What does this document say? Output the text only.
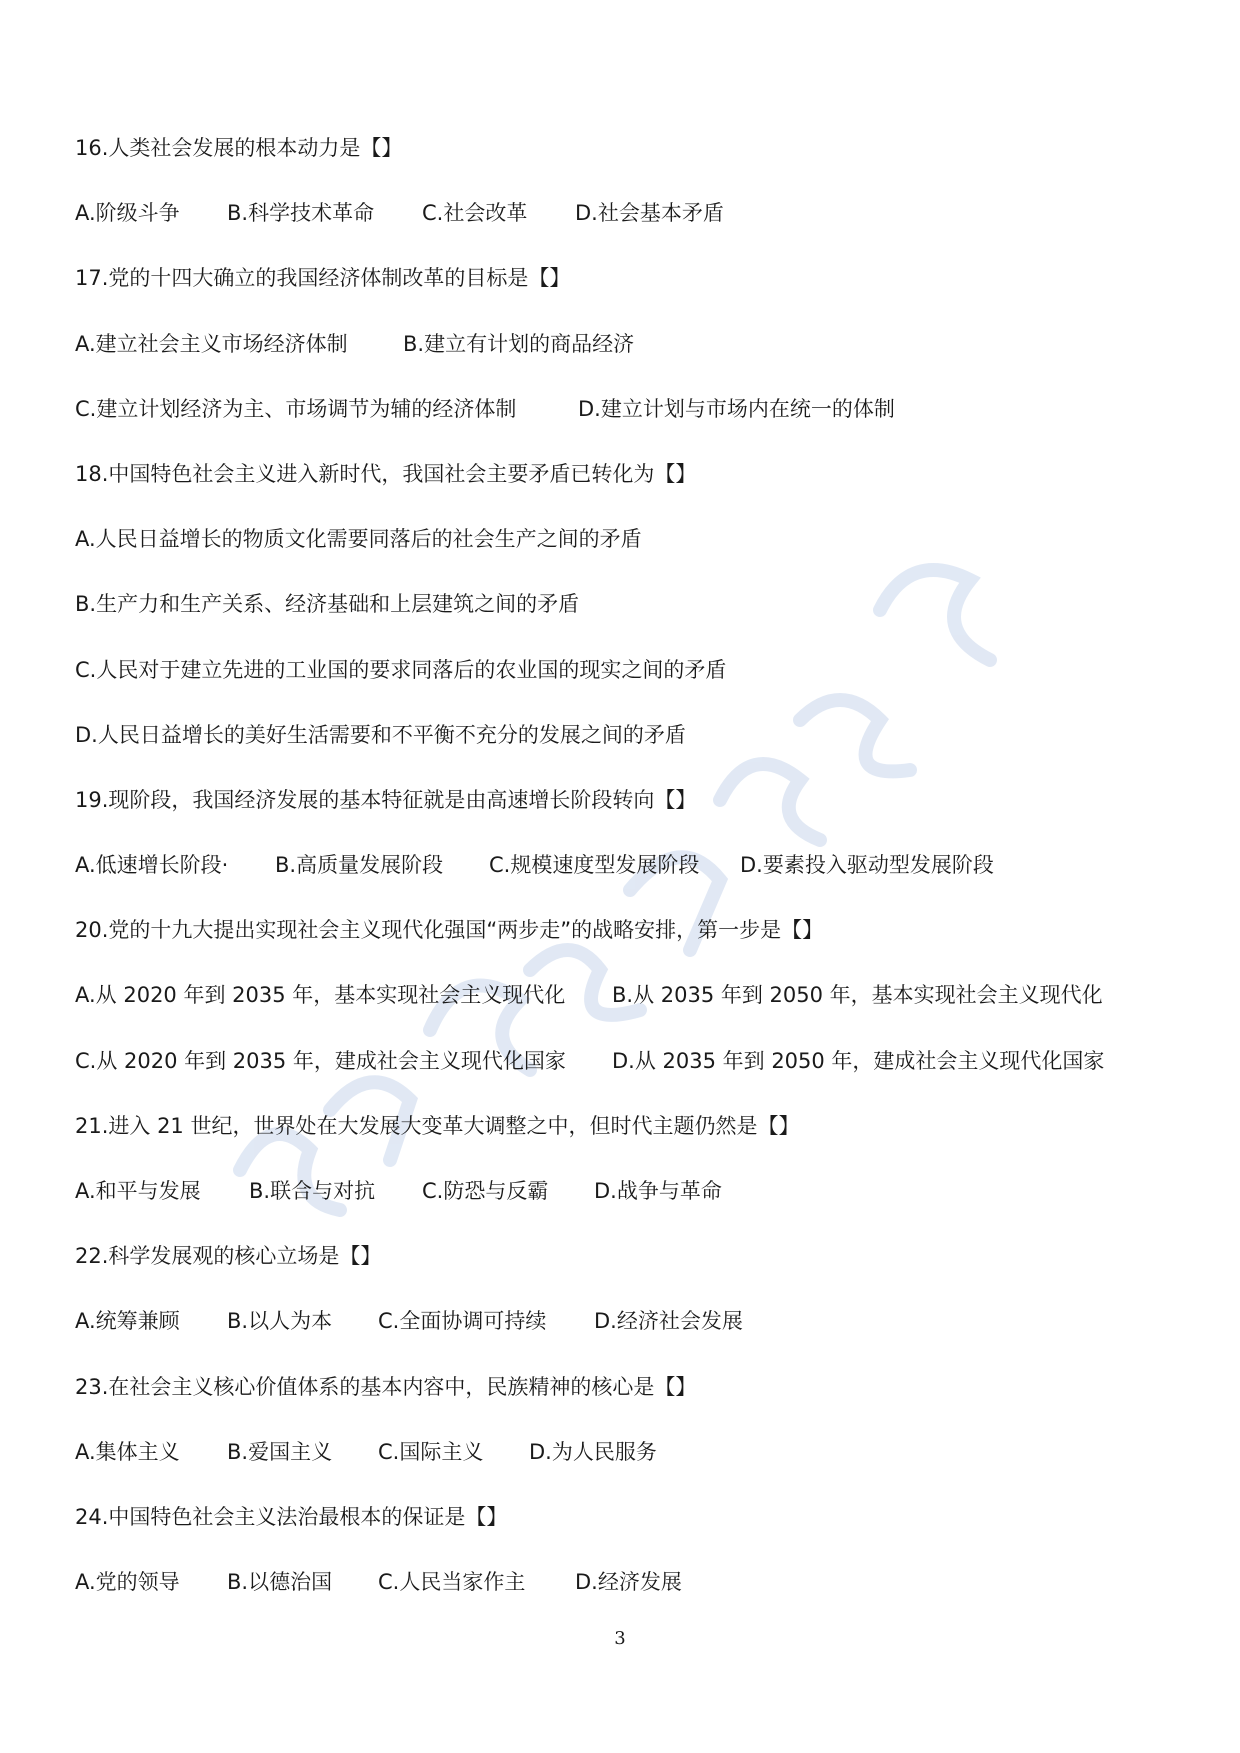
16.人类社会发展的根本动力是【】
A.阶级斗争 B.科学技术革命 C.社会改革 D.社会基本矛盾
17.党的十四大确立的我国经济体制改革的目标是【】
A.建立社会主义市场经济体制	B.建立有计划的商品经济
C.建立计划经济为主、市场调节为辅的经济体制	D.建立计划与市场内在统一的体制
18.中国特色社会主义进入新时代，我国社会主要矛盾已转化为【】
A.人民日益增长的物质文化需要同落后的社会生产之间的矛盾
B.生产力和生产关系、经济基础和上层建筑之间的矛盾
C.人民对于建立先进的工业国的要求同落后的农业国的现实之间的矛盾
D.人民日益增长的美好生活需要和不平衡不充分的发展之间的矛盾
19.现阶段，我国经济发展的基本特征就是由高速增长阶段转向【】
A.低速增长阶段· B.高质量发展阶段 C.规模速度型发展阶段 D.要素投入驱动型发展阶段
20.党的十九大提出实现社会主义现代化强国“两步走”的战略安排，第一步是【】
A.从 2020 年到 2035 年，基本实现社会主义现代化 B.从 2035 年到 2050 年，基本实现社会主义现代化
C.从 2020 年到 2035 年，建成社会主义现代化国家 D.从 2035 年到 2050 年，建成社会主义现代化国家
21.进入 21 世纪，世界处在大发展大变革大调整之中，但时代主题仍然是【】
A.和平与发展 B.联合与对抗 C.防恐与反霸 D.战争与革命
22.科学发展观的核心立场是【】
A.统筹兼顾 B.以人为本 C.全面协调可持续 D.经济社会发展
23.在社会主义核心价值体系的基本内容中，民族精神的核心是【】
A.集体主义 B.爱国主义 C.国际主义 D.为人民服务
24.中国特色社会主义法治最根本的保证是【】
A.党的领导 B.以德治国 C.人民当家作主 D.经济发展
3
